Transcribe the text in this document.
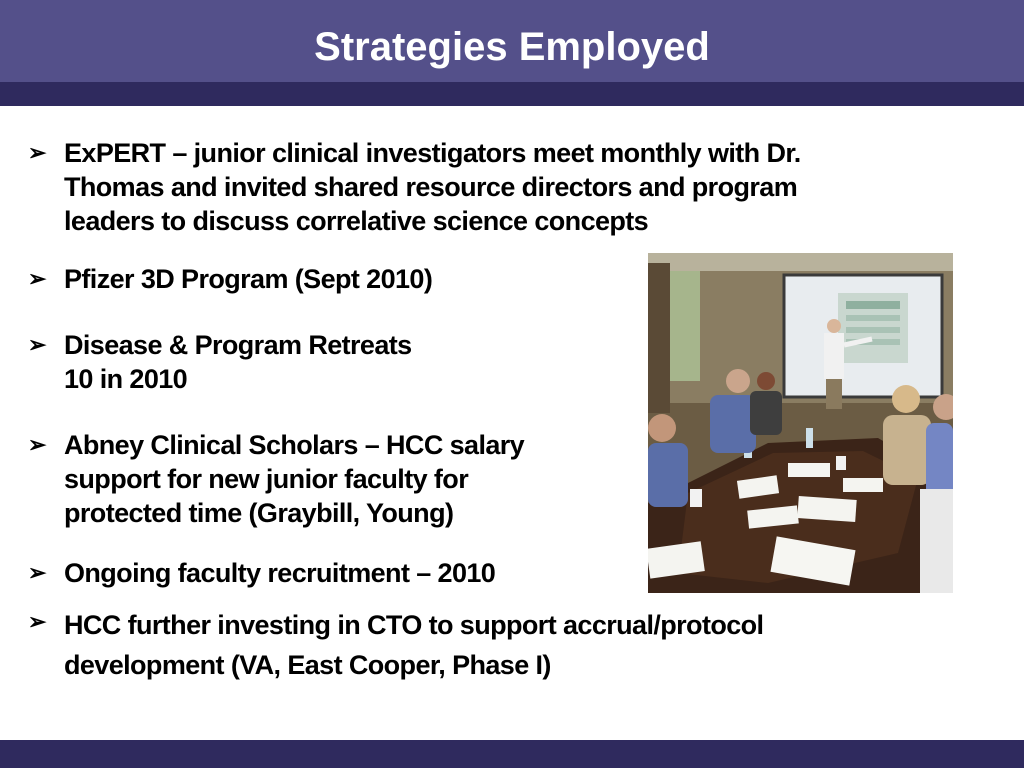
Strategies Employed
➢ ExPERT – junior clinical investigators meet monthly with Dr.
Thomas and invited shared resource directors and program
leaders to discuss correlative science concepts
➢ Pfizer 3D Program (Sept 2010)
➢ Disease & Program Retreats
10 in 2010
➢ Abney Clinical Scholars – HCC salary
support for new junior faculty for
protected time (Graybill, Young)
➢ Ongoing faculty recruitment – 2010
➢ HCC further investing in CTO to support accrual/protocol
development (VA, East Cooper, Phase I)
